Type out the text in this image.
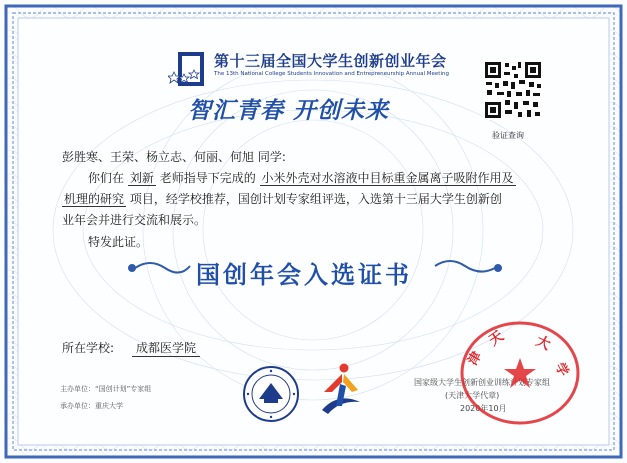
第十三届全国大学生创新创业年会
The 13th National College Students Innovation and Entrepreneurship Annual Meeting
智汇青春 开创未来
验证查询
彭胜寒、王荣、杨立志、何丽、何旭 同学:
你们在 刘新 老师指导下完成的 小米外壳对水溶液中目标重金属离子吸附作用及
机理的研究 项目，经学校推荐，国创计划专家组评选，入选第十三届大学生创新创
业年会并进行交流和展示。
特发此证。
国创年会入选证书
所在学校:	成都医学院
主办单位：“国创计划”专家组
承办单位：重庆大学
国家级大学生创新创业训练计划专家组
(天津大学代章)
2020年10月
天 大
学
津
